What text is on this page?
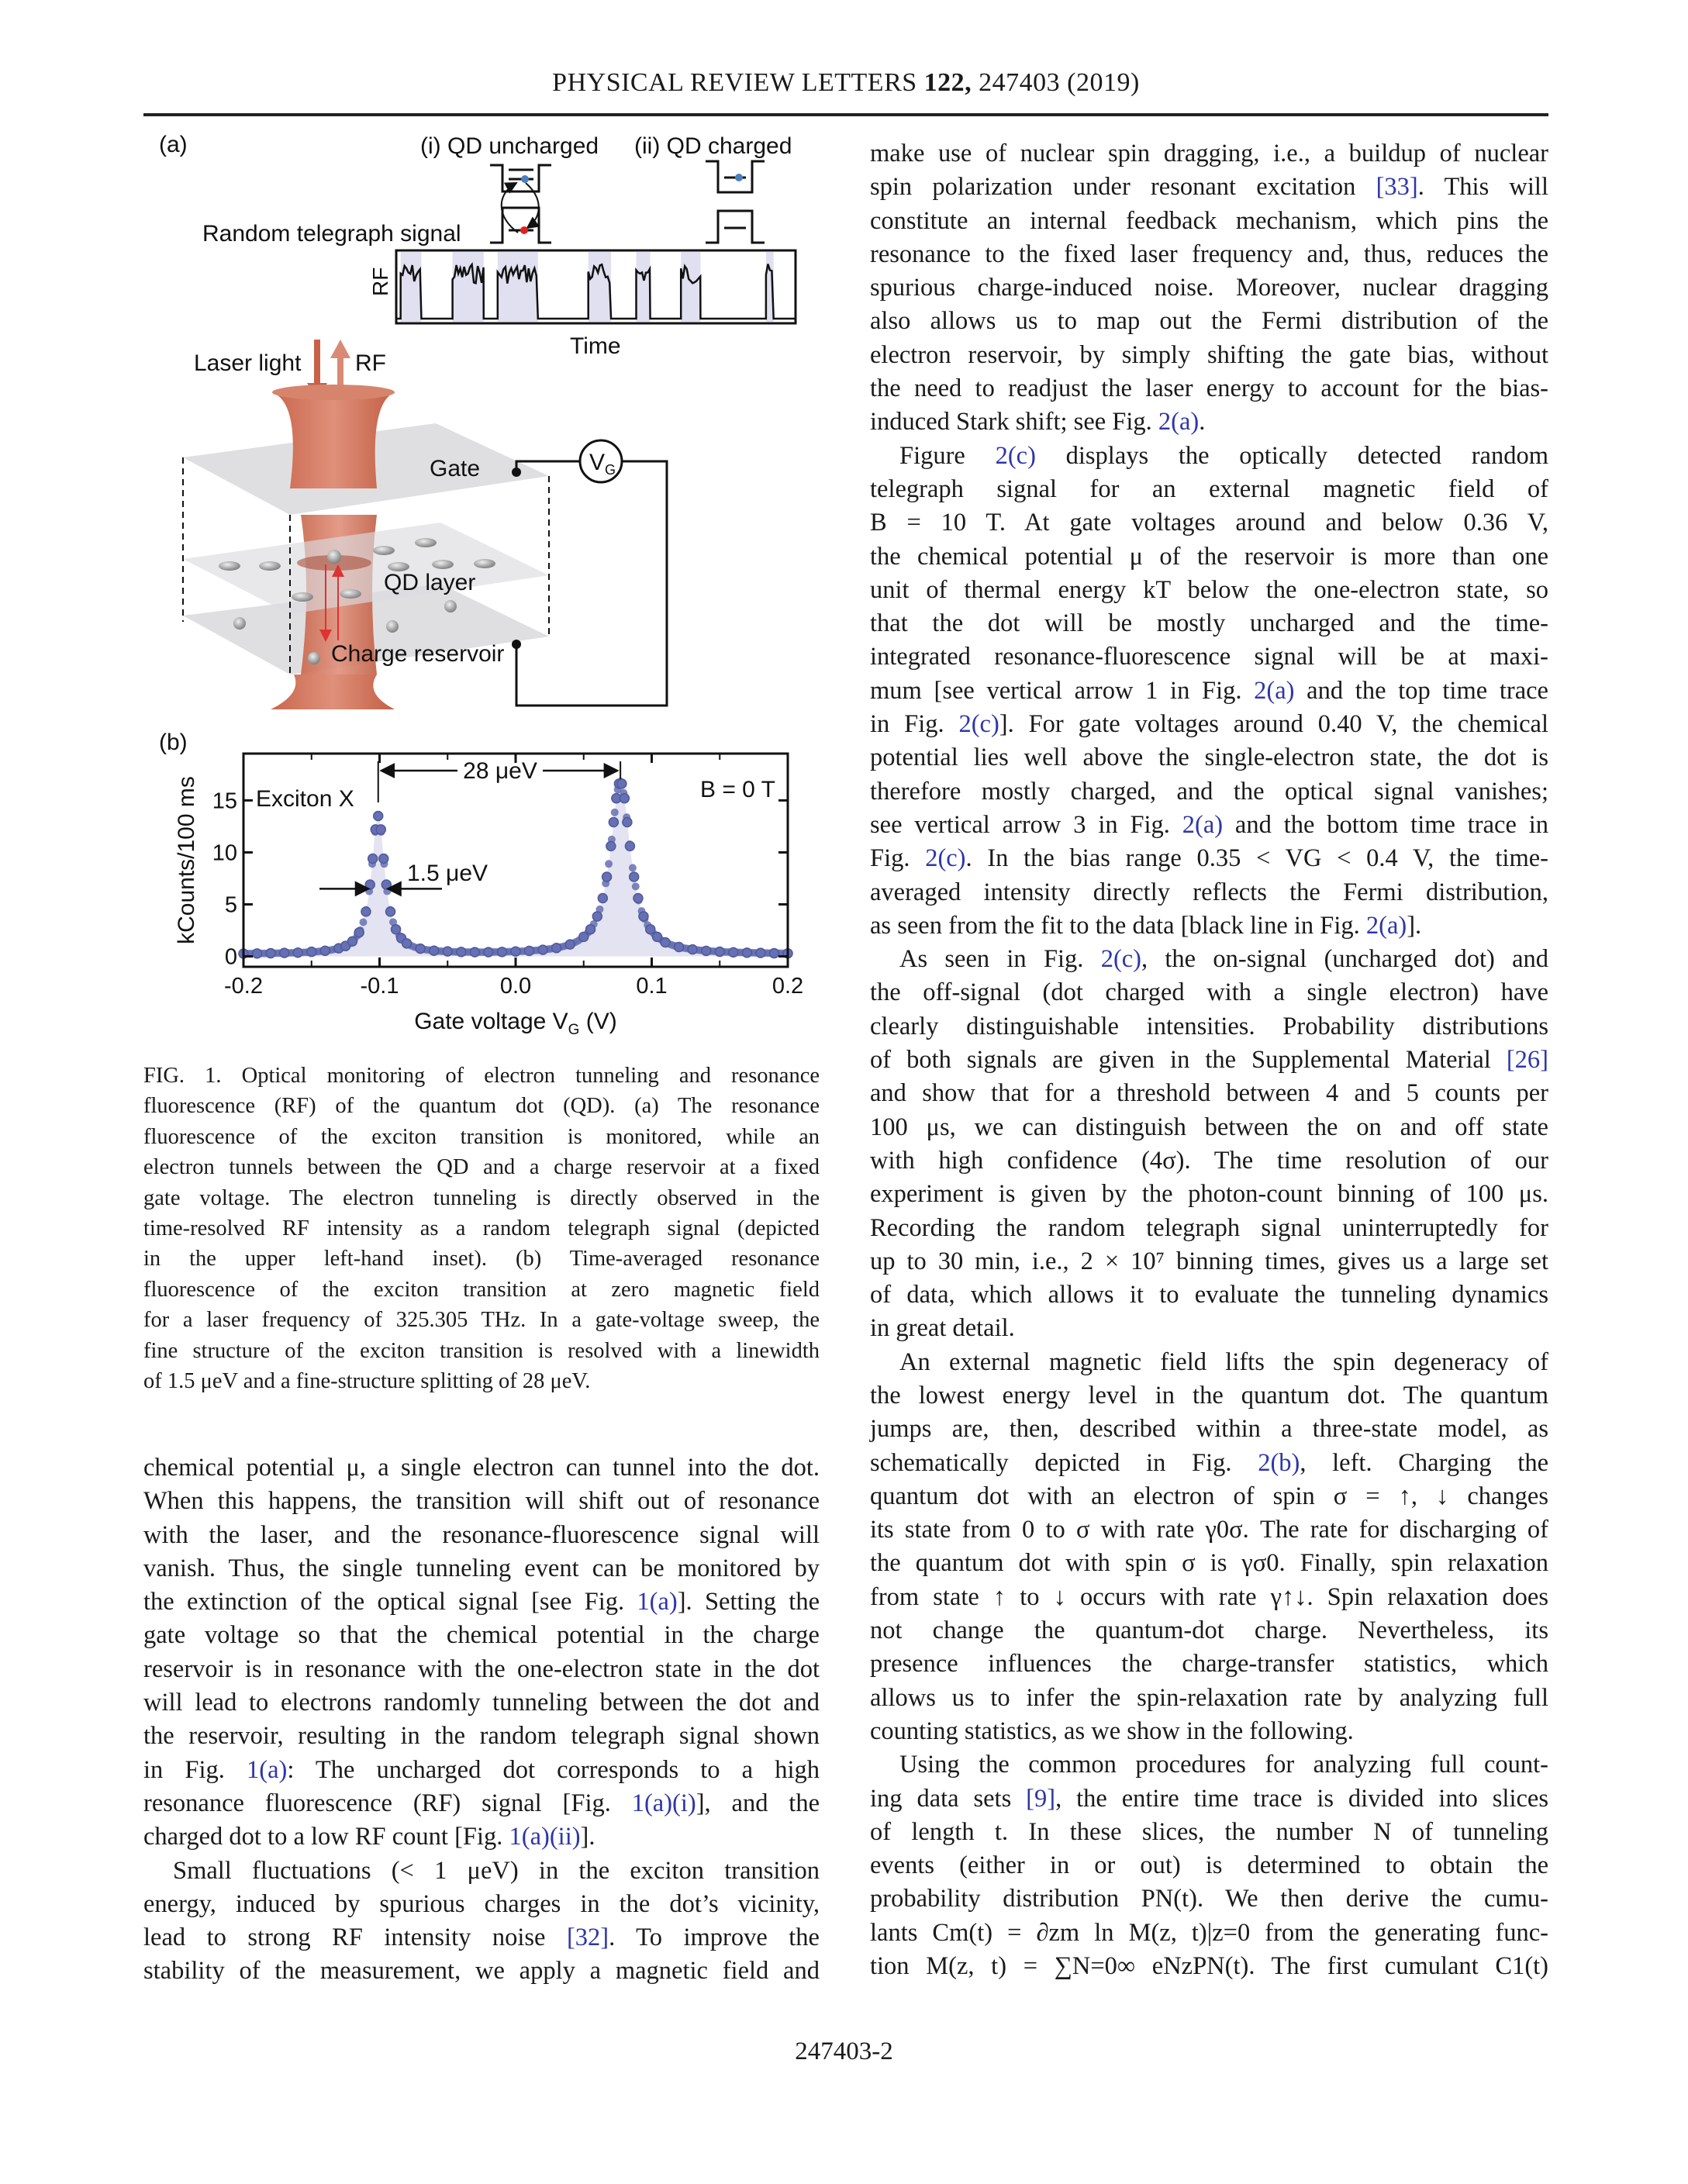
PHYSICAL REVIEW LETTERS 122, 247403 (2019)
(a)	(i) QD uncharged (ii) QD charged
Random telegraph signal
RF
Time
Laser light RF
$V_G$
Gate
QD layer
Charge reservoir
(b)
-0.2	-0.1	0.0	0.1	0.2
0
5
10
15
Gate voltage $V_G$ (V)
kCounts/100 ms Exciton X	B = 0 T
28 μeV
1.5 μeV
FIG. 1. Optical monitoring of electron tunneling and resonance
fluorescence (RF) of the quantum dot (QD). (a) The resonance
fluorescence of the exciton transition is monitored, while an
electron tunnels between the QD and a charge reservoir at a fixed
gate voltage. The electron tunneling is directly observed in the
time-resolved RF intensity as a random telegraph signal (depicted
in the upper left-hand inset). (b) Time-averaged resonance
fluorescence of the exciton transition at zero magnetic field
for a laser frequency of 325.305 THz. In a gate-voltage sweep, the
fine structure of the exciton transition is resolved with a linewidth
of 1.5 μeV and a fine-structure splitting of 28 μeV.
chemical potential μ, a single electron can tunnel into the dot.
When this happens, the transition will shift out of resonance
with the laser, and the resonance-fluorescence signal will
vanish. Thus, the single tunneling event can be monitored by
the extinction of the optical signal [see Fig. 1(a)]. Setting the
gate voltage so that the chemical potential in the charge
reservoir is in resonance with the one-electron state in the dot
will lead to electrons randomly tunneling between the dot and
the reservoir, resulting in the random telegraph signal shown
in Fig. 1(a): The uncharged dot corresponds to a high
resonance fluorescence (RF) signal [Fig. 1(a)(i)], and the
charged dot to a low RF count [Fig. 1(a)(ii)].
Small fluctuations (< 1 μeV) in the exciton transition
energy, induced by spurious charges in the dot’s vicinity,
lead to strong RF intensity noise [32]. To improve the
stability of the measurement, we apply a magnetic field and
make use of nuclear spin dragging, i.e., a buildup of nuclear
spin polarization under resonant excitation [33]. This will
constitute an internal feedback mechanism, which pins the
resonance to the fixed laser frequency and, thus, reduces the
spurious charge-induced noise. Moreover, nuclear dragging
also allows us to map out the Fermi distribution of the
electron reservoir, by simply shifting the gate bias, without
the need to readjust the laser energy to account for the bias-
induced Stark shift; see Fig. 2(a).
Figure 2(c) displays the optically detected random
telegraph signal for an external magnetic field of
B = 10 T. At gate voltages around and below 0.36 V,
the chemical potential μ of the reservoir is more than one
unit of thermal energy kT below the one-electron state, so
that the dot will be mostly uncharged and the time-
integrated resonance-fluorescence signal will be at maxi-
mum [see vertical arrow 1 in Fig. 2(a) and the top time trace
in Fig. 2(c)]. For gate voltages around 0.40 V, the chemical
potential lies well above the single-electron state, the dot is
therefore mostly charged, and the optical signal vanishes;
see vertical arrow 3 in Fig. 2(a) and the bottom time trace in
Fig. 2(c). In the bias range 0.35 < VG < 0.4 V, the time-
averaged intensity directly reflects the Fermi distribution,
as seen from the fit to the data [black line in Fig. 2(a)].
As seen in Fig. 2(c), the on-signal (uncharged dot) and
the off-signal (dot charged with a single electron) have
clearly distinguishable intensities. Probability distributions
of both signals are given in the Supplemental Material [26]
and show that for a threshold between 4 and 5 counts per
100 μs, we can distinguish between the on and off state
with high confidence (4σ). The time resolution of our
experiment is given by the photon-count binning of 100 μs.
Recording the random telegraph signal uninterruptedly for
up to 30 min, i.e., 2 × 10⁷ binning times, gives us a large set
of data, which allows it to evaluate the tunneling dynamics
in great detail.
An external magnetic field lifts the spin degeneracy of
the lowest energy level in the quantum dot. The quantum
jumps are, then, described within a three-state model, as
schematically depicted in Fig. 2(b), left. Charging the
quantum dot with an electron of spin σ = ↑, ↓ changes
its state from 0 to σ with rate γ0σ. The rate for discharging of
the quantum dot with spin σ is γσ0. Finally, spin relaxation
from state ↑ to ↓ occurs with rate γ↑↓. Spin relaxation does
not change the quantum-dot charge. Nevertheless, its
presence influences the charge-transfer statistics, which
allows us to infer the spin-relaxation rate by analyzing full
counting statistics, as we show in the following.
Using the common procedures for analyzing full count-
ing data sets [9], the entire time trace is divided into slices
of length t. In these slices, the number N of tunneling
events (either in or out) is determined to obtain the
probability distribution PN(t). We then derive the cumu-
lants Cm(t) = ∂zm ln M(z, t)|z=0 from the generating func-
tion M(z, t) = ∑N=0∞ eNzPN(t). The first cumulant C1(t)
247403-2
